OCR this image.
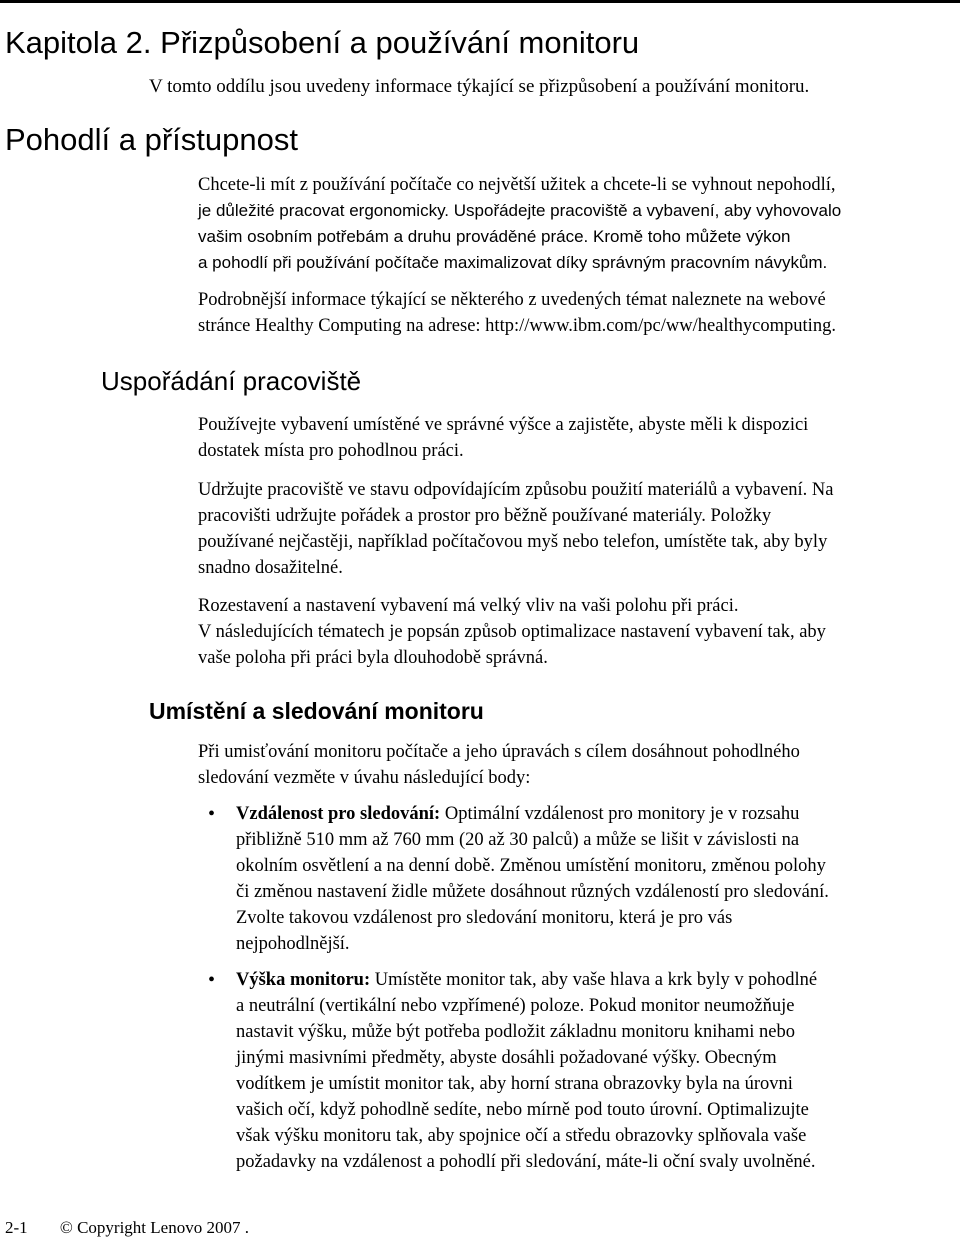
Kapitola 2. Přizpůsobení a používání monitoru

V tomto oddílu jsou uvedeny informace týkající se přizpůsobení a používání monitoru.

Pohodlí a přístupnost

Chcete-li mít z používání počítače co největší užitek a chcete-li se vyhnout nepohodlí,
je důležité pracovat ergonomicky. Uspořádejte pracoviště a vybavení, aby vyhovovalo
vašim osobním potřebám a druhu prováděné práce. Kromě toho můžete výkon
a pohodlí při používání počítače maximalizovat díky správným pracovním návykům.

Podrobnější informace týkající se některého z uvedených témat naleznete na webové
stránce Healthy Computing na adrese: http://www.ibm.com/pc/ww/healthycomputing.

Uspořádání pracoviště

Používejte vybavení umístěné ve správné výšce a zajistěte, abyste měli k dispozici
dostatek místa pro pohodlnou práci.

Udržujte pracoviště ve stavu odpovídajícím způsobu použití materiálů a vybavení. Na
pracovišti udržujte pořádek a prostor pro běžně používané materiály. Položky
používané nejčastěji, například počítačovou myš nebo telefon, umístěte tak, aby byly
snadno dosažitelné.

Rozestavení a nastavení vybavení má velký vliv na vaši polohu při práci.
V následujících tématech je popsán způsob optimalizace nastavení vybavení tak, aby
vaše poloha při práci byla dlouhodobě správná.

Umístění a sledování monitoru

Při umisťování monitoru počítače a jeho úpravách s cílem dosáhnout pohodlného
sledování vezměte v úvahu následující body:

• Vzdálenost pro sledování: Optimální vzdálenost pro monitory je v rozsahu
přibližně 510 mm až 760 mm (20 až 30 palců) a může se lišit v závislosti na
okolním osvětlení a na denní době. Změnou umístění monitoru, změnou polohy
či změnou nastavení židle můžete dosáhnout různých vzdáleností pro sledování.
Zvolte takovou vzdálenost pro sledování monitoru, která je pro vás
nejpohodlnější.
• Výška monitoru: Umístěte monitor tak, aby vaše hlava a krk byly v pohodlné
a neutrální (vertikální nebo vzpřímené) poloze. Pokud monitor neumožňuje
nastavit výšku, může být potřeba podložit základnu monitoru knihami nebo
jinými masivními předměty, abyste dosáhli požadované výšky. Obecným
vodítkem je umístit monitor tak, aby horní strana obrazovky byla na úrovni
vašich očí, když pohodlně sedíte, nebo mírně pod touto úrovní. Optimalizujte
však výšku monitoru tak, aby spojnice očí a středu obrazovky splňovala vaše
požadavky na vzdálenost a pohodlí při sledování, máte-li oční svaly uvolněné.
2-1 © Copyright Lenovo 2007 .
